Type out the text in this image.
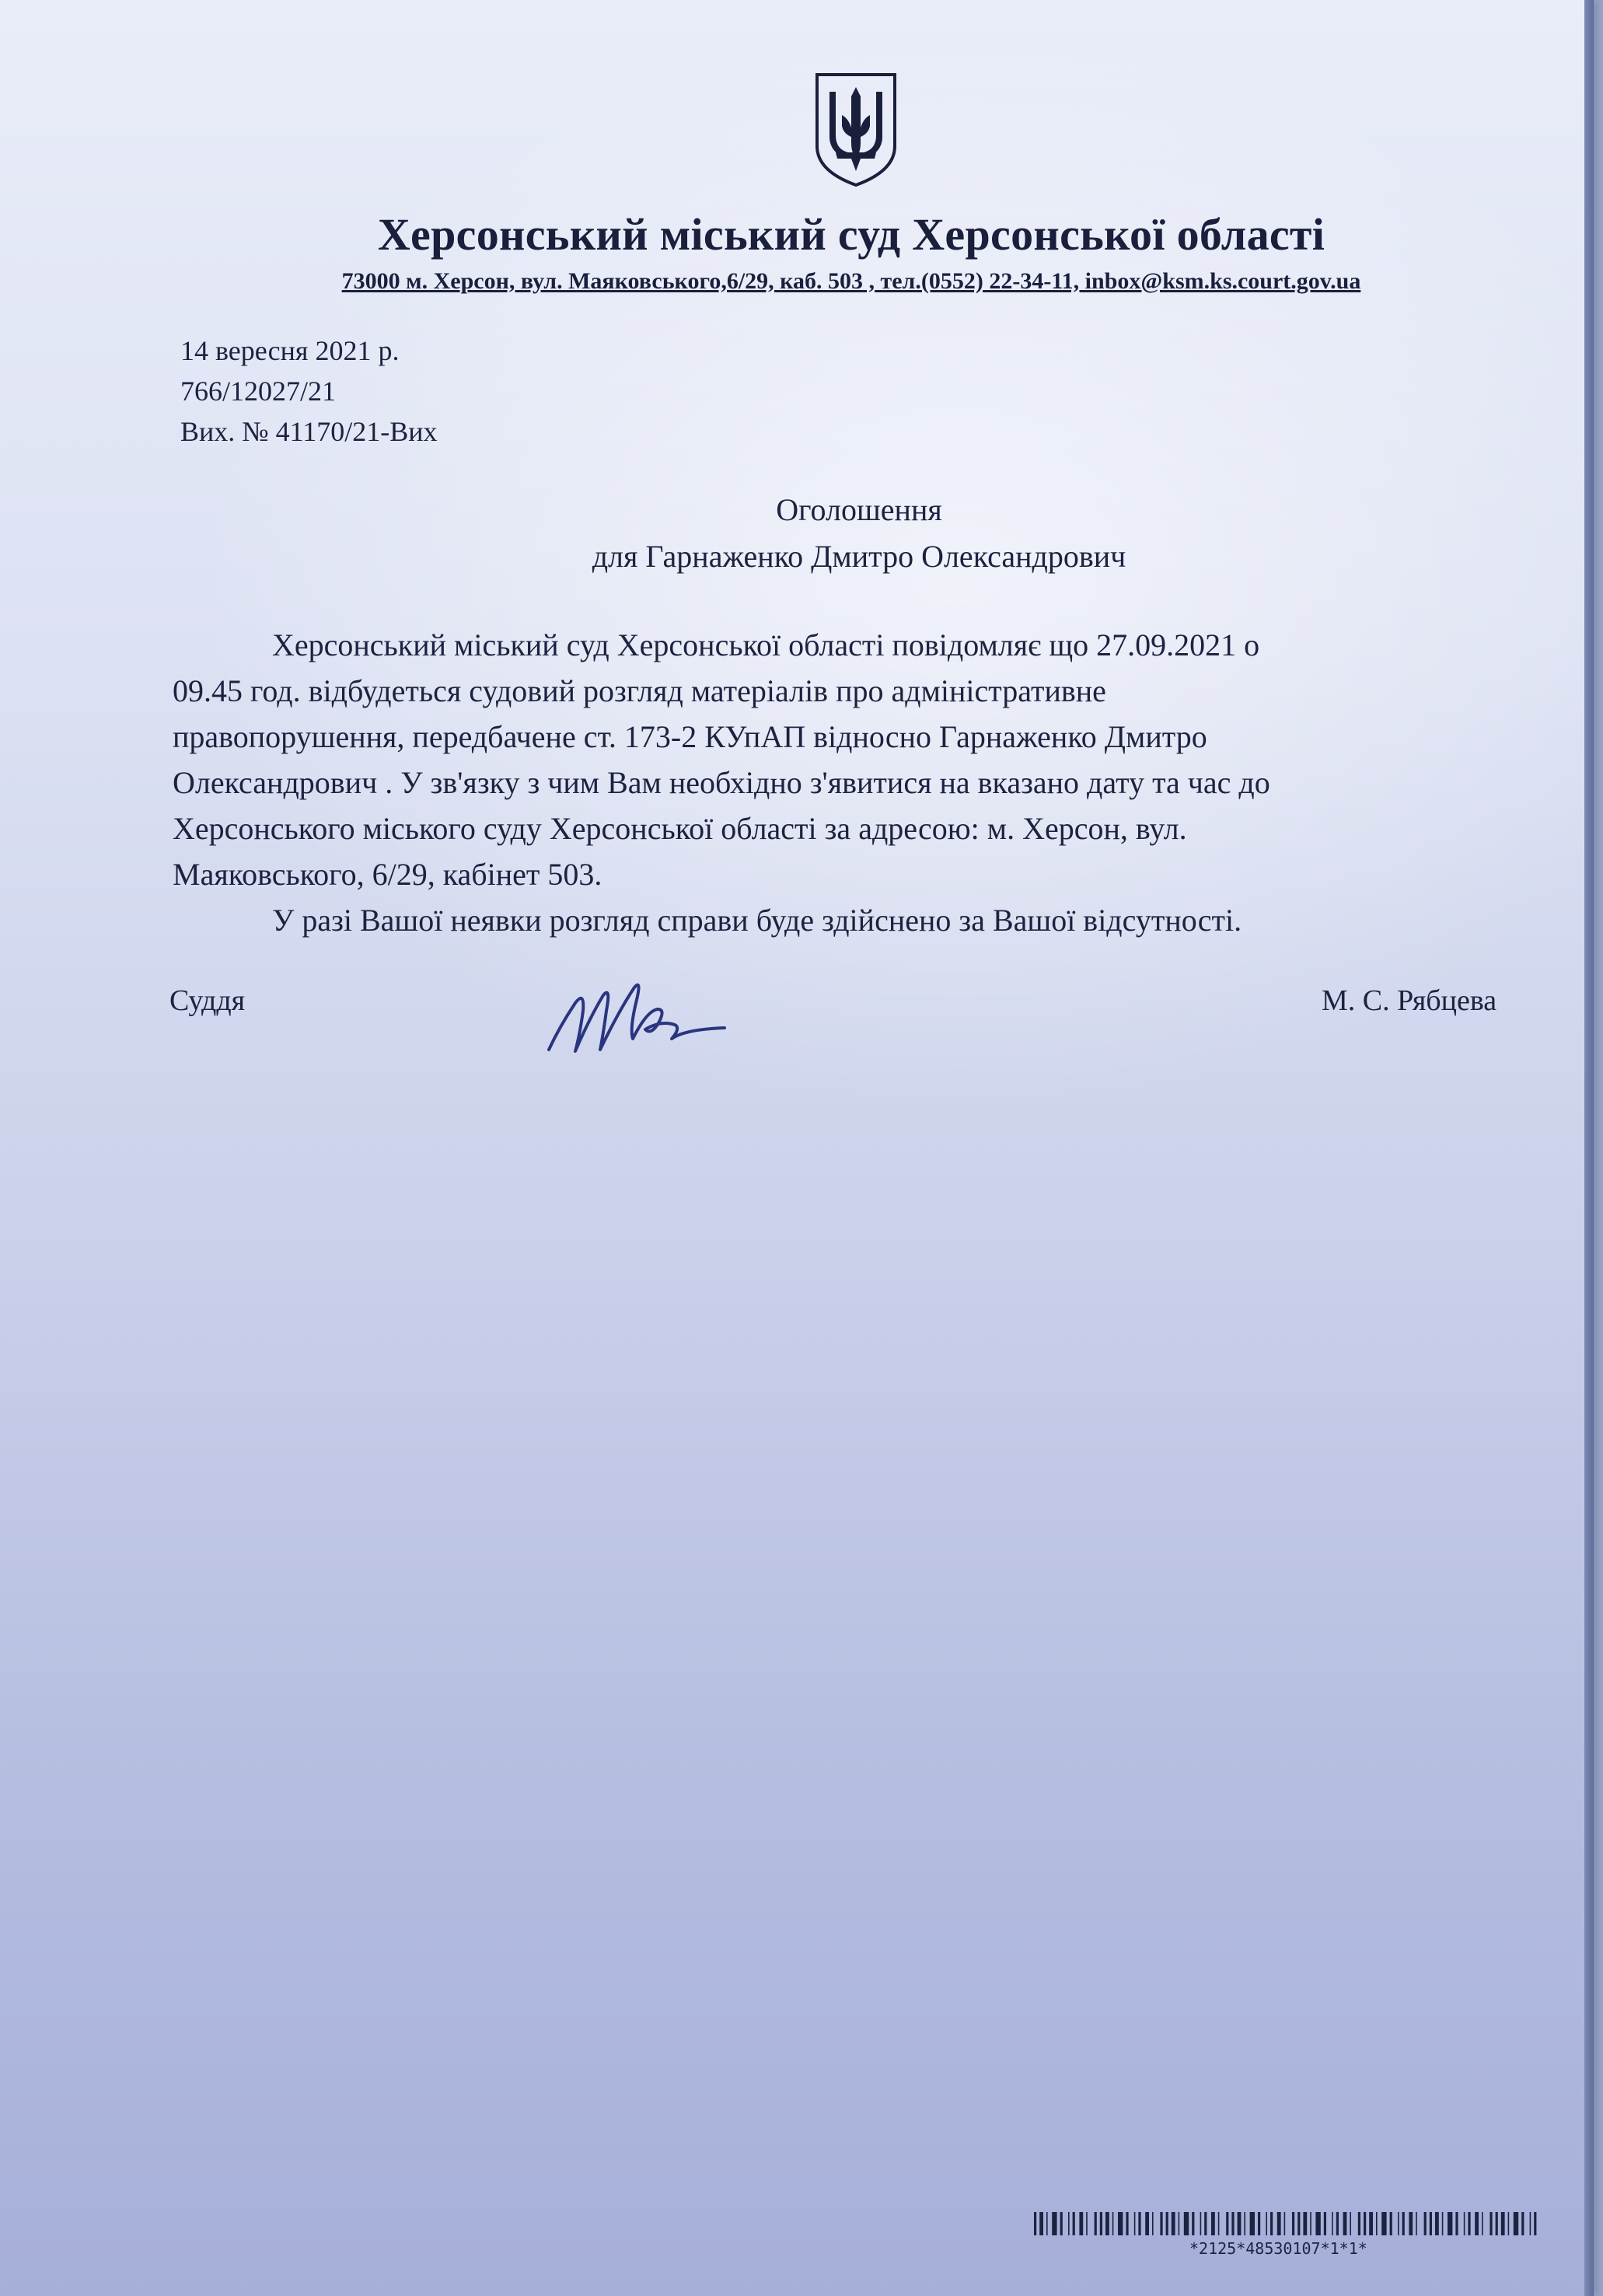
Херсонський міський суд Херсонської області
73000 м. Херсон, вул. Маяковського,6/29, каб. 503 , тел.(0552) 22-34-11, inbox@ksm.ks.court.gov.ua
14 вересня 2021 р.
766/12027/21
Вих. № 41170/21-Вих
Оголошення
для Гарнаженко Дмитро Олександрович
Херсонський міський суд Херсонської області повідомляє що 27.09.2021 о
09.45 год. відбудеться судовий розгляд матеріалів про адміністративне
правопорушення, передбачене ст. 173-2 КУпАП відносно Гарнаженко Дмитро
Олександрович . У зв'язку з чим Вам необхідно з'явитися на вказано дату та час до
Херсонського міського суду Херсонської області за адресою: м. Херсон, вул.
Маяковського, 6/29, кабінет 503.
У разі Вашої неявки розгляд справи буде здійснено за Вашої відсутності.
Суддя	М. С. Рябцева
*2125*48530107*1*1*
